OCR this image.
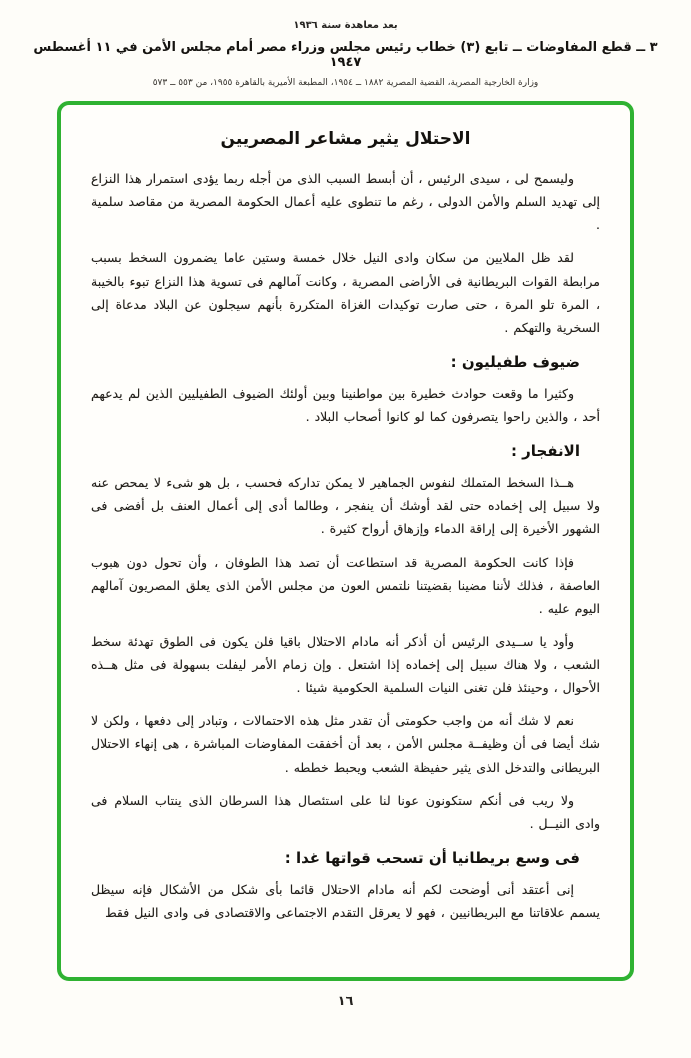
بعد معاهدة سنة ١٩٣٦
٣ ــ قطع المفاوضات ــ تابع (٣) خطاب رئيس مجلس وزراء مصر أمام مجلس الأمن في ١١ أغسطس ١٩٤٧
وزارة الخارجية المصرية، القضية المصرية ١٨٨٢ ــ ١٩٥٤، المطبعة الأميرية بالقاهرة ١٩٥٥، من ٥٥٣ ــ ٥٧٣
الاحتلال يثير مشاعر المصريين

وليسمح لى ، سيدى الرئيس ، أن أبسط السبب الذى من أجله ربما يؤدى استمرار هذا النزاع إلى تهديد السلم والأمن الدولى ، رغم ما تنطوى عليه أعمال الحكومة المصرية من مقاصد سلمية .

لقد ظل الملايين من سكان وادى النيل خلال خمسة وستين عاما يضمرون السخط بسبب مرابطة القوات البريطانية فى الأراضى المصرية ، وكانت آمالهم فى تسوية هذا النزاع تبوء بالخيبة ، المرة تلو المرة ، حتى صارت توكيدات الغزاة المتكررة بأنهم سيجلون عن البلاد مدعاة إلى السخرية والتهكم .

ضيوف طفيليون :

وكثيرا ما وقعت حوادث خطيرة بين مواطنينا وبين أولئك الضيوف الطفيليين الذين لم يدعهم أحد ، والذين راحوا يتصرفون كما لو كانوا أصحاب البلاد .

الانفجار :

هــذا السخط المتملك لنفوس الجماهير لا يمكن تداركه فحسب ، بل هو شىء لا يمحص عنه ولا سبيل إلى إخماده حتى لقد أوشك أن ينفجر ، وطالما أدى إلى أعمال العنف بل أفضى فى الشهور الأخيرة إلى إراقة الدماء وإزهاق أرواح كثيرة .

فإذا كانت الحكومة المصرية قد استطاعت أن تصد هذا الطوفان ، وأن تحول دون هبوب العاصفة ، فذلك لأننا مضينا بقضيتنا نلتمس العون من مجلس الأمن الذى يعلق المصريون آمالهم اليوم عليه .

وأود يا ســيدى الرئيس أن أذكر أنه مادام الاحتلال باقيا فلن يكون فى الطوق تهدئة سخط الشعب ، ولا هناك سبيل إلى إخماده إذا اشتعل . وإن زمام الأمر ليفلت بسهولة فى مثل هــذه الأحوال ، وحينئذ فلن تغنى النيات السلمية الحكومية شيئا .

نعم لا شك أنه من واجب حكومتى أن تقدر مثل هذه الاحتمالات ، وتبادر إلى دفعها ، ولكن لا شك أيضا فى أن وظيفــة مجلس الأمن ، بعد أن أخفقت المفاوضات المباشرة ، هى إنهاء الاحتلال البريطانى والتدخل الذى يثير حفيظة الشعب ويحبط خططه .

ولا ريب فى أنكم ستكونون عونا لنا على استئصال هذا السرطان الذى ينتاب السلام فى وادى النيــل .

فى وسع بريطانيا أن تسحب قواتها غدا :

إنى أعتقد أنى أوضحت لكم أنه مادام الاحتلال قائما بأى شكل من الأشكال فإنه سيظل يسمم علاقاتنا مع البريطانيين ، فهو لا يعرقل التقدم الاجتماعى والاقتصادى فى وادى النيل فقط

١٦
